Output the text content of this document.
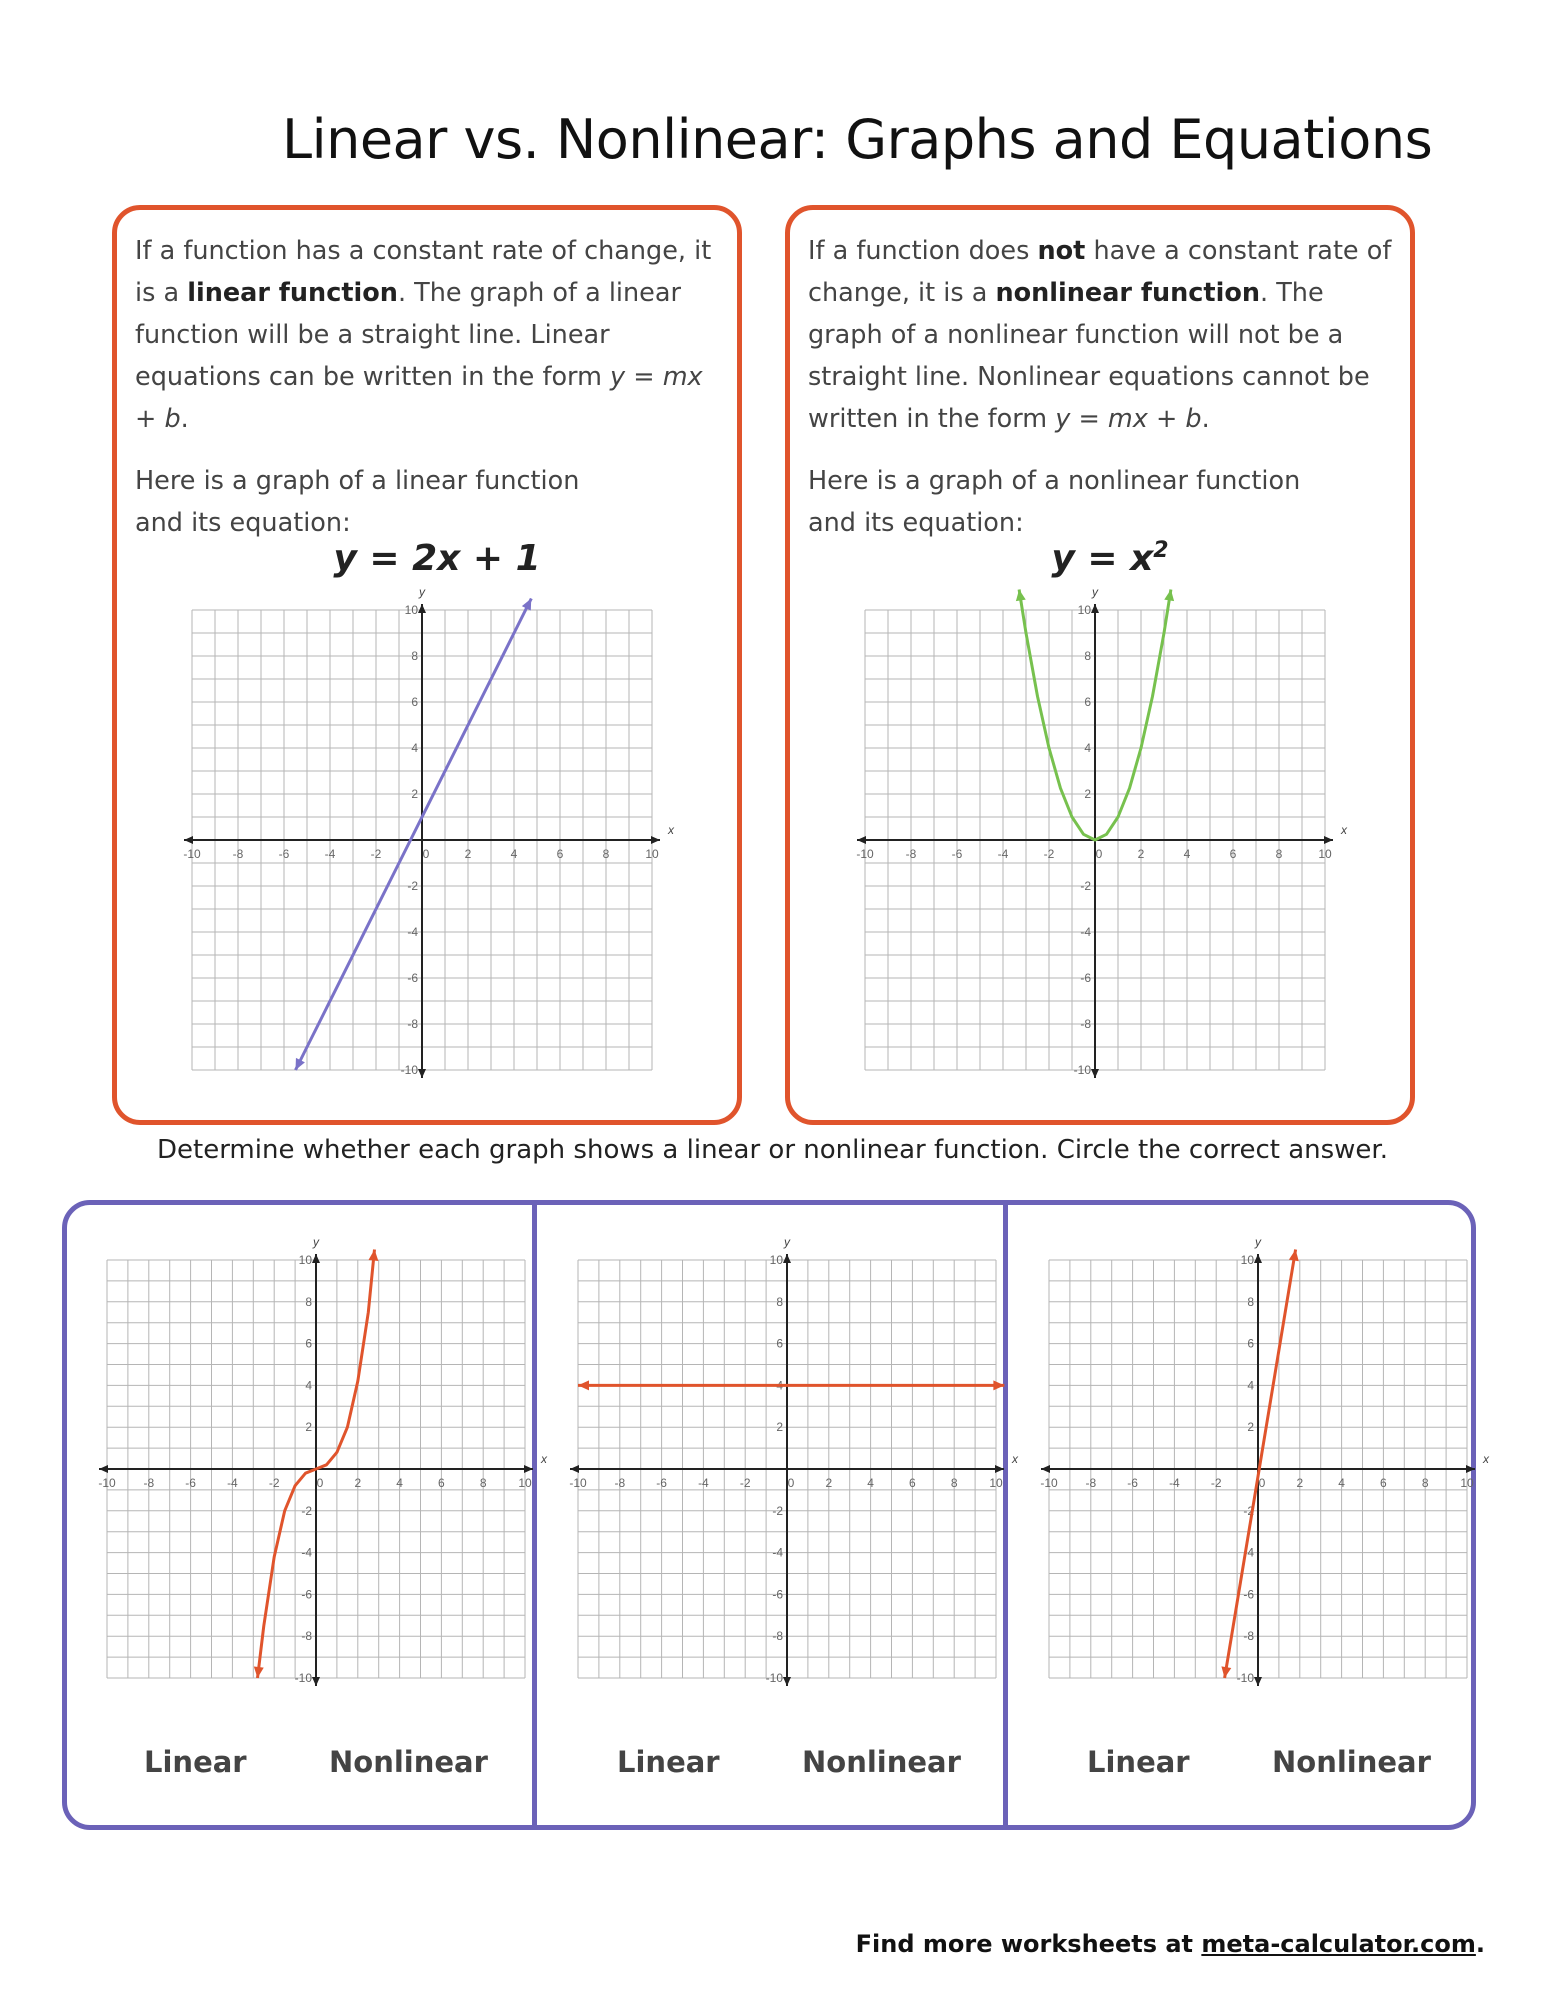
Linear vs. Nonlinear: Graphs and Equations
If a function has a constant rate of change, it is a linear function. The graph of a linear function will be a straight line. Linear equations can be written in the form y = mx + b.
Here is a graph of a linear function and its equation:
y = 2x + 1
x
y
-10	-8	-6	-4	-2	0	2	4	6	8	10
-10
-8
-6
-4
-2
2
4
6
8
10
If a function does not have a constant rate of change, it is a nonlinear function. The graph of a nonlinear function will not be a straight line. Nonlinear equations cannot be written in the form y = mx + b.
Here is a graph of a nonlinear function and its equation:
$y = x^2$
x
y
-10	-8	-6	-4	-2	0	2	4	6	8	10
-10
-8
-6
-4
-2
2
4
6
8
10
Determine whether each graph shows a linear or nonlinear function. Circle the correct answer.
x
y
-10 -8	-6	-4	-2	0	2	4	6	8	10
-10
-8
-6
-4
-2
2
4
6
8
10
x
y
-10 -8	-6	-4	-2	0	2	4	6	8	10
-10
-8
-6
-4
-2
2
4
6
8
10
x
y
-10 -8	-6	-4	-2	0	2	4	6	8	10
-10
-8
-6
-4
-2
2
4
6
8
10
Linear	Nonlinear	Linear	Nonlinear	Linear	Nonlinear
Find more worksheets at meta-calculator.com.
